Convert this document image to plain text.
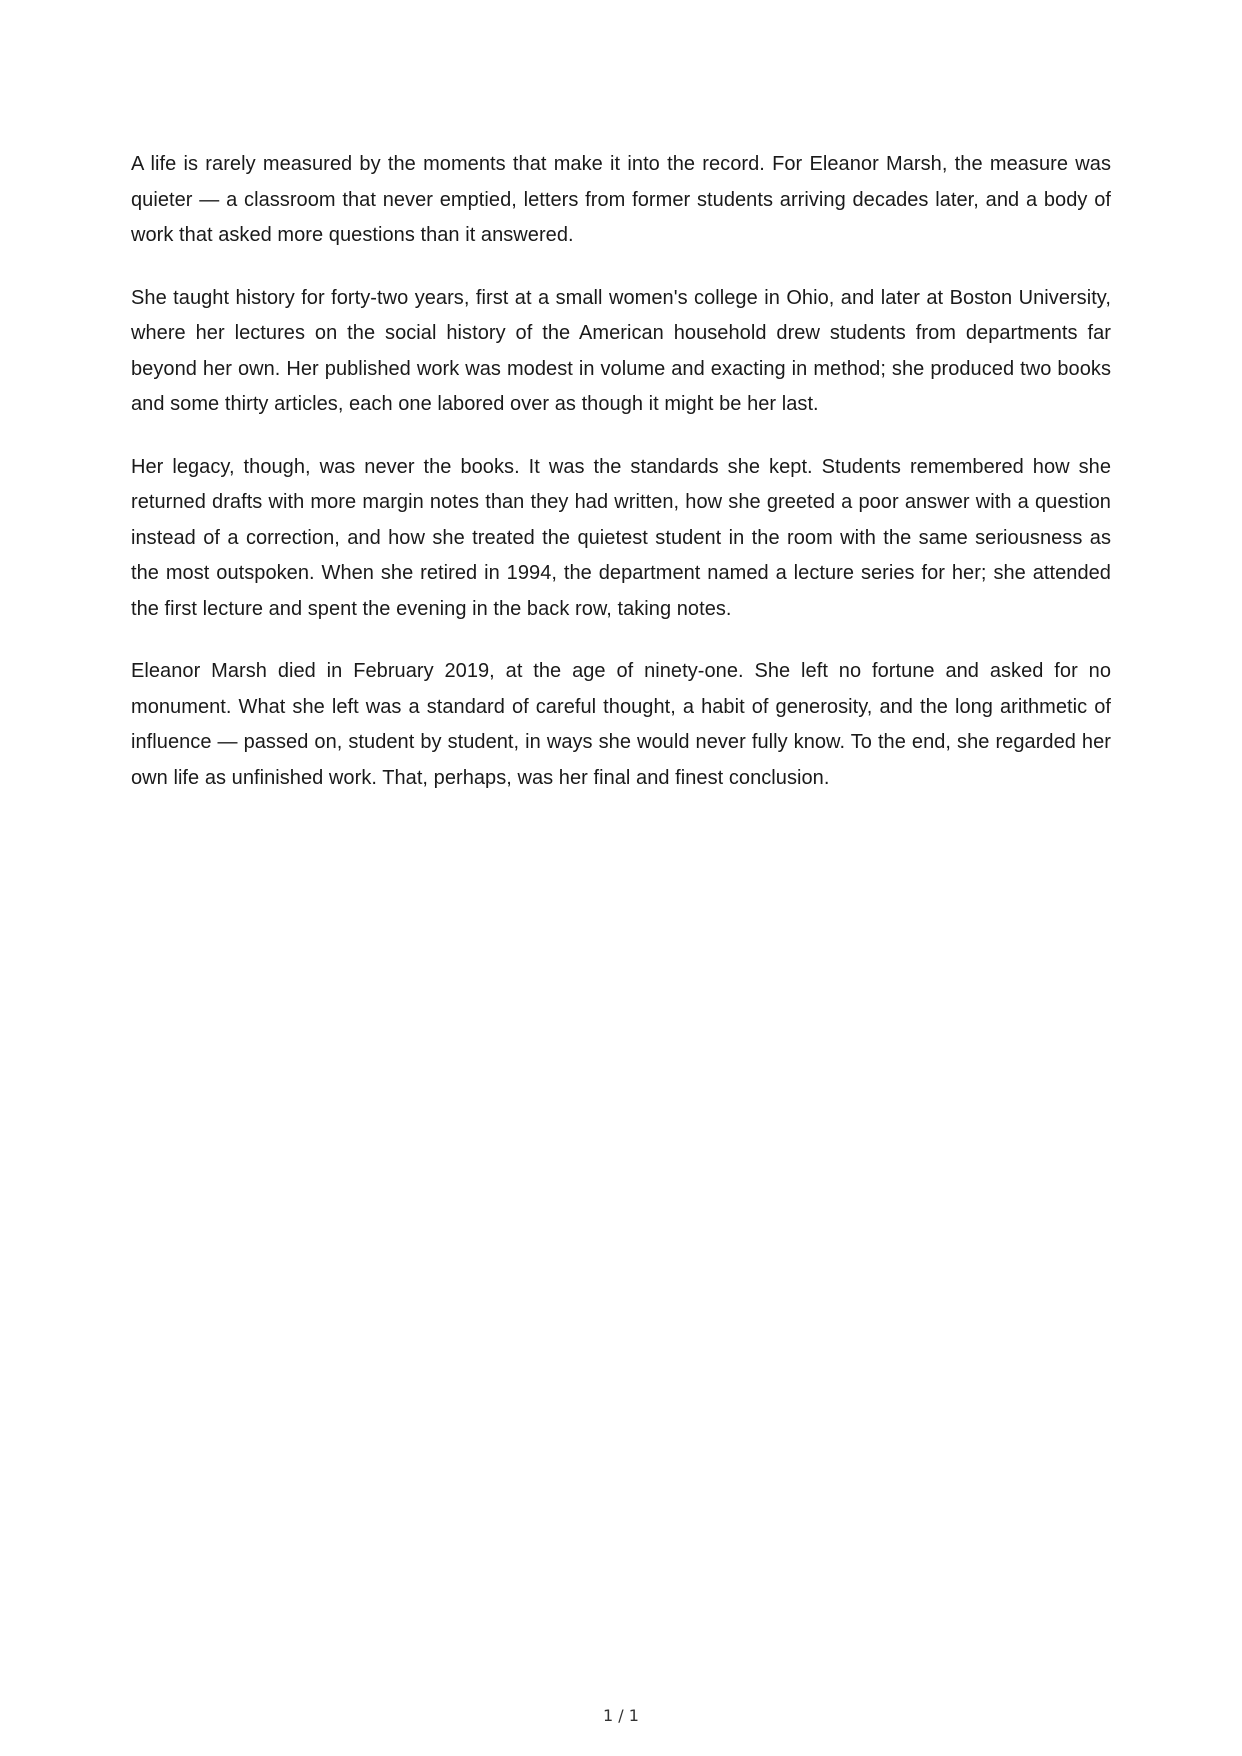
A life is rarely measured by the moments that make it into the record. For Eleanor Marsh, the measure was quieter — a classroom that never emptied, letters from former students arriving decades later, and a body of work that asked more questions than it answered.

She taught history for forty-two years, first at a small women's college in Ohio, and later at Boston University, where her lectures on the social history of the American household drew students from departments far beyond her own. Her published work was modest in volume and exacting in method; she produced two books and some thirty articles, each one labored over as though it might be her last.

Her legacy, though, was never the books. It was the standards she kept. Students remembered how she returned drafts with more margin notes than they had written, how she greeted a poor answer with a question instead of a correction, and how she treated the quietest student in the room with the same seriousness as the most outspoken. When she retired in 1994, the department named a lecture series for her; she attended the first lecture and spent the evening in the back row, taking notes.

Eleanor Marsh died in February 2019, at the age of ninety-one. She left no fortune and asked for no monument. What she left was a standard of careful thought, a habit of generosity, and the long arithmetic of influence — passed on, student by student, in ways she would never fully know. To the end, she regarded her own life as unfinished work. That, perhaps, was her final and finest conclusion.

1 / 1
